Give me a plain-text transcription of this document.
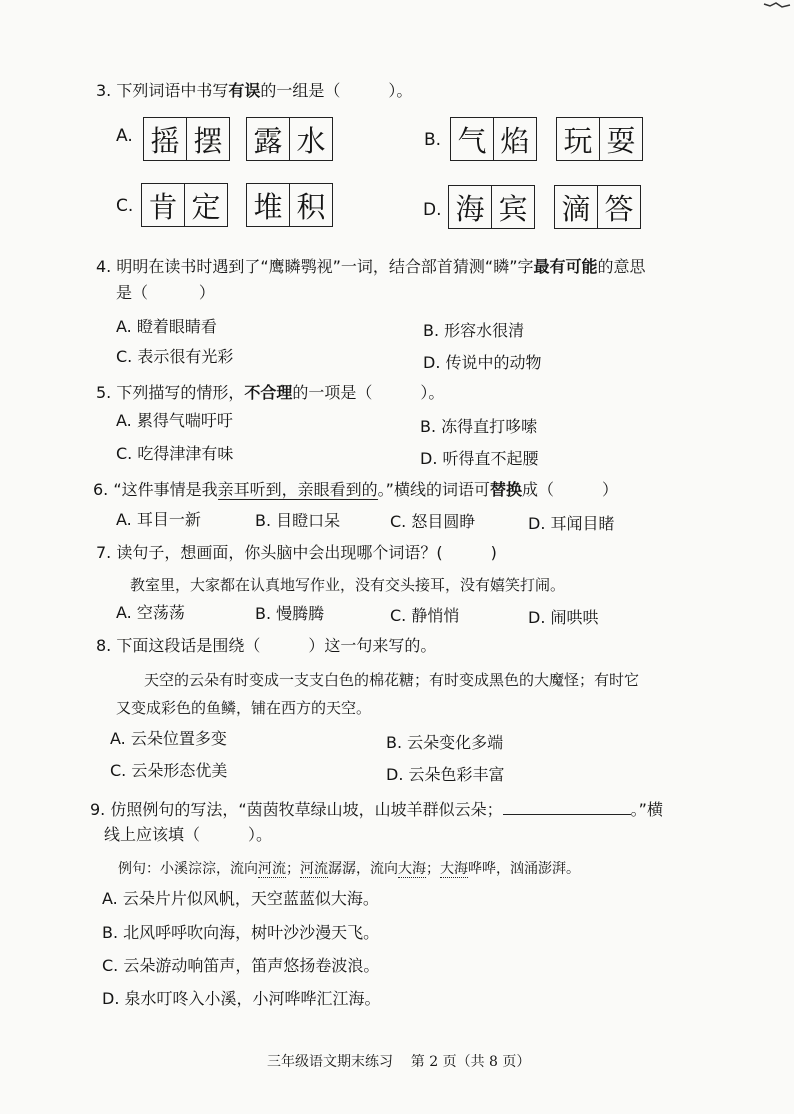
3. 下列词语中书写有误的一组是（	）。
A. 摇 摆 露 水	B. 气 焰 玩 耍
C. 肯 定 堆 积	D. 海 宾 滴 答
4. 明明在读书时遇到了“鹰瞵鹗视”一词，结合部首猜测“瞵”字最有可能的意思
是（          ）
A. 瞪着眼睛看	B. 形容水很清
C. 表示很有光彩	D. 传说中的动物
5. 下列描写的情形，不合理的一项是（	）。
A. 累得气喘吁吁	B. 冻得直打哆嗦
C. 吃得津津有味	D. 听得直不起腰
6. “这件事情是我亲耳听到，亲眼看到的。”横线的词语可替换成（	）
A. 耳目一新	B. 目瞪口呆	C. 怒目圆睁	D. 耳闻目睹
7. 读句子，想画面，你头脑中会出现哪个词语？(	)
教室里，大家都在认真地写作业，没有交头接耳，没有嬉笑打闹。
A. 空荡荡	B. 慢腾腾	C. 静悄悄	D. 闹哄哄
8. 下面这段话是围绕（	）这一句来写的。
天空的云朵有时变成一支支白色的棉花糖；有时变成黑色的大魔怪；有时它
又变成彩色的鱼鳞，铺在西方的天空。
A. 云朵位置多变	B. 云朵变化多端
C. 云朵形态优美	D. 云朵色彩丰富
9. 仿照例句的写法，“茵茵牧草绿山坡，山坡羊群似云朵；	。”横
线上应该填（	）。
例句：小溪淙淙，流向河流；河流潺潺，流向大海；大海哗哗，汹涌澎湃。
A. 云朵片片似风帆，天空蓝蓝似大海。
B. 北风呼呼吹向海，树叶沙沙漫天飞。
C. 云朵游动响笛声，笛声悠扬卷波浪。
D. 泉水叮咚入小溪，小河哗哗汇江海。
三年级语文期末练习    第 2 页（共 8 页）
